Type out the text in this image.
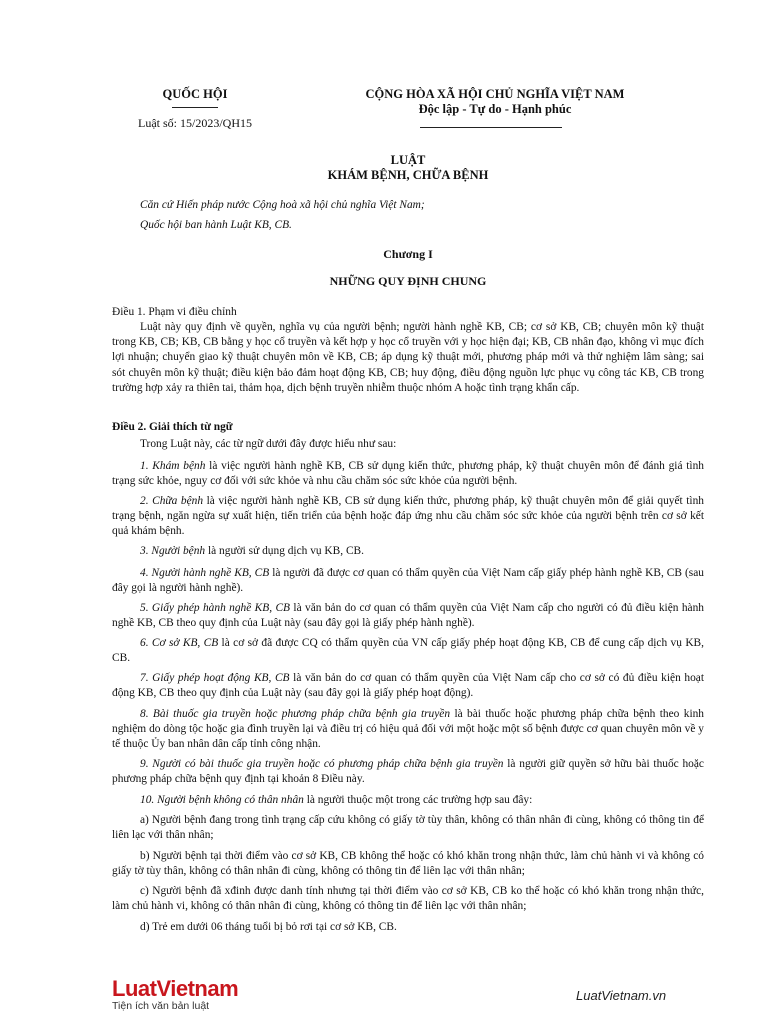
QUỐC HỘI
Luật số: 15/2023/QH15
CỘNG HÒA XÃ HỘI CHỦ NGHĨA VIỆT NAM
Độc lập - Tự do - Hạnh phúc
LUẬT
KHÁM BỆNH, CHỮA BỆNH
Căn cứ Hiến pháp nước Cộng hoà xã hội chủ nghĩa Việt Nam;
Quốc hội ban hành Luật KB, CB.
Chương I
NHỮNG QUY ĐỊNH CHUNG
Điều 1. Phạm vi điều chỉnh
Luật này quy định về quyền, nghĩa vụ của người bệnh; người hành nghề KB, CB; cơ sở KB, CB; chuyên môn kỹ thuật trong KB, CB; KB, CB bằng y học cổ truyền và kết hợp y học cổ truyền với y học hiện đại; KB, CB nhân đạo, không vì mục đích lợi nhuận; chuyển giao kỹ thuật chuyên môn về KB, CB; áp dụng kỹ thuật mới, phương pháp mới và thử nghiệm lâm sàng; sai sót chuyên môn kỹ thuật; điều kiện bảo đảm hoạt động KB, CB; huy động, điều động nguồn lực phục vụ công tác KB, CB trong trường hợp xảy ra thiên tai, thảm họa, dịch bệnh truyền nhiễm thuộc nhóm A hoặc tình trạng khẩn cấp.
Điều 2. Giải thích từ ngữ
Trong Luật này, các từ ngữ dưới đây được hiểu như sau:
1. Khám bệnh là việc người hành nghề KB, CB sử dụng kiến thức, phương pháp, kỹ thuật chuyên môn để đánh giá tình trạng sức khỏe, nguy cơ đối với sức khỏe và nhu cầu chăm sóc sức khỏe của người bệnh.
2. Chữa bệnh là việc người hành nghề KB, CB sử dụng kiến thức, phương pháp, kỹ thuật chuyên môn để giải quyết tình trạng bệnh, ngăn ngừa sự xuất hiện, tiến triển của bệnh hoặc đáp ứng nhu cầu chăm sóc sức khỏe của người bệnh trên cơ sở kết quả khám bệnh.
3. Người bệnh là người sử dụng dịch vụ KB, CB.
4. Người hành nghề KB, CB là người đã được cơ quan có thẩm quyền của Việt Nam cấp giấy phép hành nghề KB, CB (sau đây gọi là người hành nghề).
5. Giấy phép hành nghề KB, CB là văn bản do cơ quan có thẩm quyền của Việt Nam cấp cho người có đủ điều kiện hành nghề KB, CB theo quy định của Luật này (sau đây gọi là giấy phép hành nghề).
6. Cơ sở KB, CB là cơ sở đã được CQ có thẩm quyền của VN cấp giấy phép hoạt động KB, CB để cung cấp dịch vụ KB, CB.
7. Giấy phép hoạt động KB, CB là văn bản do cơ quan có thẩm quyền của Việt Nam cấp cho cơ sở có đủ điều kiện hoạt động KB, CB theo quy định của Luật này (sau đây gọi là giấy phép hoạt động).
8. Bài thuốc gia truyền hoặc phương pháp chữa bệnh gia truyền là bài thuốc hoặc phương pháp chữa bệnh theo kinh nghiệm do dòng tộc hoặc gia đình truyền lại và điều trị có hiệu quả đối với một hoặc một số bệnh được cơ quan chuyên môn về y tế thuộc Ủy ban nhân dân cấp tỉnh công nhận.
9. Người có bài thuốc gia truyền hoặc có phương pháp chữa bệnh gia truyền là người giữ quyền sở hữu bài thuốc hoặc phương pháp chữa bệnh quy định tại khoản 8 Điều này.
10. Người bệnh không có thân nhân là người thuộc một trong các trường hợp sau đây:
a) Người bệnh đang trong tình trạng cấp cứu không có giấy tờ tùy thân, không có thân nhân đi cùng, không có thông tin để liên lạc với thân nhân;
b) Người bệnh tại thời điểm vào cơ sở KB, CB không thể hoặc có khó khăn trong nhận thức, làm chủ hành vi và không có giấy tờ tùy thân, không có thân nhân đi cùng, không có thông tin để liên lạc với thân nhân;
c) Người bệnh đã xđinh được danh tính nhưng tại thời điểm vào cơ sở KB, CB ko thể hoặc có khó khăn trong nhận thức, làm chủ hành vi, không có thân nhân đi cùng, không có thông tin để liên lạc với thân nhân;
d) Trẻ em dưới 06 tháng tuổi bị bỏ rơi tại cơ sở KB, CB.
LuatVietnam
Tiện ích văn bản luật
LuatVietnam.vn
